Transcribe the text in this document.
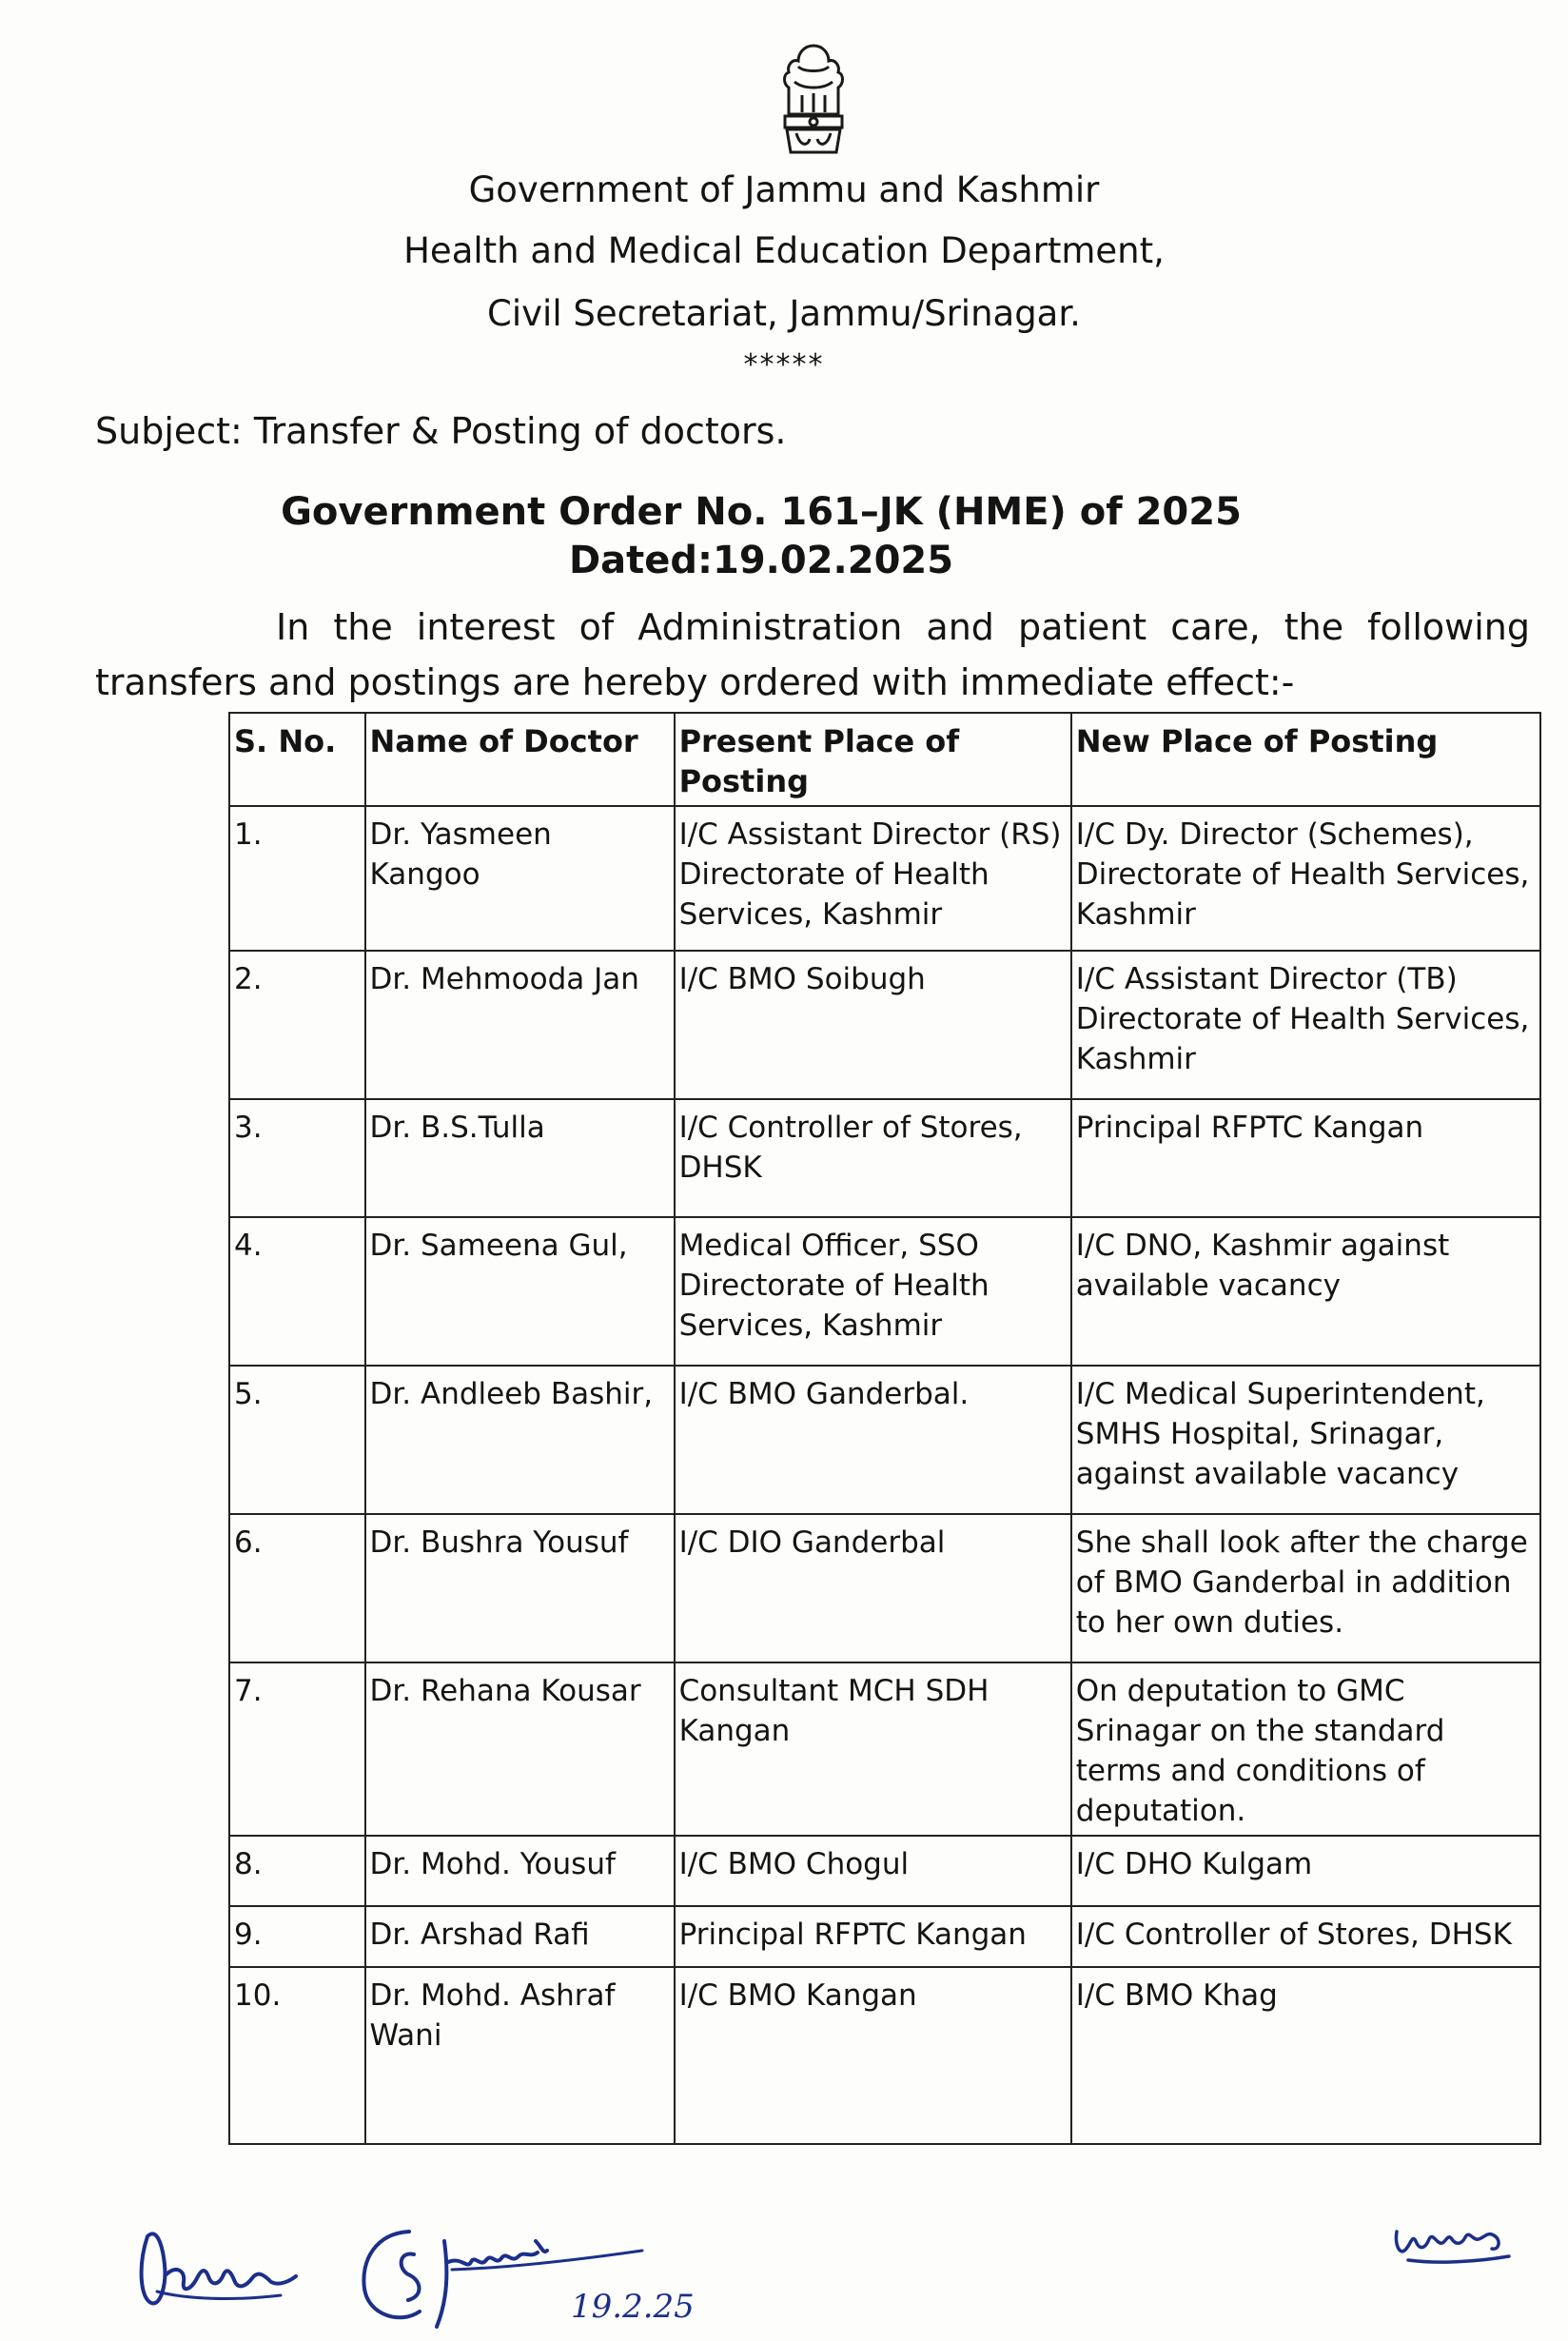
Government of Jammu and Kashmir
Health and Medical Education Department,
Civil Secretariat, Jammu/Srinagar.
*****
Subject: Transfer & Posting of doctors.
Government Order No. 161–JK (HME) of 2025
Dated:19.02.2025
In the interest of Administration and patient care, the following
transfers and postings are hereby ordered with immediate effect:-
S. No.	Name of Doctor	Present Place of Posting	New Place of Posting
1.	Dr. Yasmeen Kangoo	I/C Assistant Director (RS) Directorate of Health Services, Kashmir	I/C Dy. Director (Schemes), Directorate of Health Services, Kashmir
2.	Dr. Mehmooda Jan	I/C BMO Soibugh	I/C Assistant Director (TB) Directorate of Health Services, Kashmir
3.	Dr. B.S.Tulla	I/C Controller of Stores, DHSK	Principal RFPTC Kangan
4.	Dr. Sameena Gul,	Medical Officer, SSO Directorate of Health Services, Kashmir	I/C DNO, Kashmir against available vacancy
5.	Dr. Andleeb Bashir,	I/C BMO Ganderbal.	I/C Medical Superintendent, SMHS Hospital, Srinagar, against available vacancy
6.	Dr. Bushra Yousuf	I/C DIO Ganderbal	She shall look after the charge of BMO Ganderbal in addition to her own duties.
7.	Dr. Rehana Kousar	Consultant MCH SDH Kangan	On deputation to GMC Srinagar on the standard terms and conditions of deputation.
8.	Dr. Mohd. Yousuf	I/C BMO Chogul	I/C DHO Kulgam
9.	Dr. Arshad Rafi	Principal RFPTC Kangan	I/C Controller of Stores, DHSK
10.	Dr. Mohd. Ashraf Wani	I/C BMO Kangan	I/C BMO Khag
19.2.25
